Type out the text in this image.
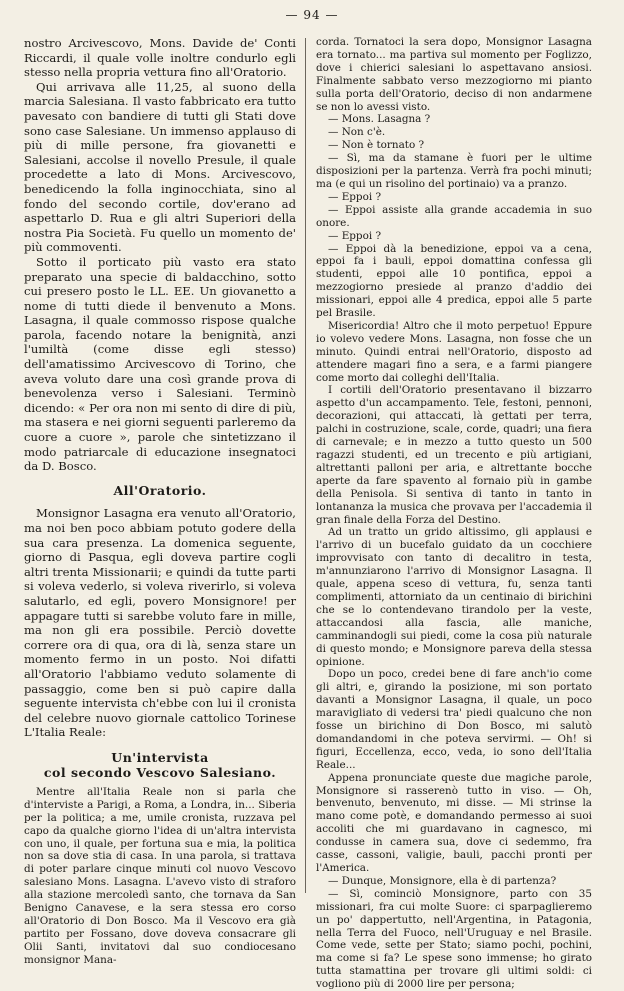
— 94 —

nostro Arcivescovo, Mons. Davide de' Conti Riccardi, il quale volle inoltre condurlo egli stesso nella propria vettura fino all'Oratorio.

Qui arrivava alle 11,25, al suono della marcia Salesiana. Il vasto fabbricato era tutto pavesato con bandiere di tutti gli Stati dove sono case Salesiane. Un immenso applauso di più di mille persone, fra giovanetti e Salesiani, accolse il novello Presule, il quale procedette a lato di Mons. Arcivescovo, benedicendo la folla inginocchiata, sino al fondo del secondo cortile, dov'erano ad aspettarlo D. Rua e gli altri Superiori della nostra Pia Società. Fu quello un momento de' più commoventi.

Sotto il porticato più vasto era stato preparato una specie di baldacchino, sotto cui presero posto le LL. EE. Un giovanetto a nome di tutti diede il benvenuto a Mons. Lasagna, il quale commosso rispose qualche parola, facendo notare la benignità, anzi l'umiltà (come disse egli stesso) dell'amatissimo Arcivescovo di Torino, che aveva voluto dare una così grande prova di benevolenza verso i Salesiani. Terminò dicendo: « Per ora non mi sento di dire di più, ma stasera e nei giorni seguenti parleremo da cuore a cuore », parole che sintetizzano il modo patriarcale di educazione insegnatoci da D. Bosco.

All'Oratorio.

Monsignor Lasagna era venuto all'Oratorio, ma noi ben poco abbiam potuto godere della sua cara presenza. La domenica seguente, giorno di Pasqua, egli doveva partire cogli altri trenta Missionarii; e quindi da tutte parti si voleva vederlo, si voleva riverirlo, si voleva salutarlo, ed egli, povero Monsignore! per appagare tutti si sarebbe voluto fare in mille, ma non gli era possibile. Perciò dovette correre ora di qua, ora di là, senza stare un momento fermo in un posto. Noi difatti all'Oratorio l'abbiamo veduto solamente di passaggio, come ben si può capire dalla seguente intervista ch'ebbe con lui il cronista del celebre nuovo giornale cattolico Torinese L'Italia Reale:

Un'intervista
col secondo Vescovo Salesiano.

Mentre all'Italia Reale non si parla che d'interviste a Parigi, a Roma, a Londra, in... Siberia per la politica; a me, umile cronista, ruzzava pel capo da qualche giorno l'idea di un'altra intervista con uno, il quale, per fortuna sua e mia, la politica non sa dove stia di casa. In una parola, si trattava di poter parlare cinque minuti col nuovo Vescovo salesiano Mons. Lasagna. L'avevo visto di straforo alla stazione mercoledì santo, che tornava da San Benigno Canavese, e la sera stessa ero corso all'Oratorio di Don Bosco. Ma il Vescovo era già partito per Fossano, dove doveva consacrare gli Olii Santi, invitatovi dal suo condiocesano monsignor Mana-

corda. Tornatoci la sera dopo, Monsignor Lasagna era tornato... ma partiva sul momento per Foglizzo, dove i chierici salesiani lo aspettavano ansiosi. Finalmente sabbato verso mezzogiorno mi pianto sulla porta dell'Oratorio, deciso di non andarmene se non lo avessi visto.

— Mons. Lasagna ?

— Non c'è.

— Non è tornato ?

— Sì, ma da stamane è fuori per le ultime disposizioni per la partenza. Verrà fra pochi minuti; ma (e qui un risolino del portinaio) va a pranzo.

— Eppoi ?

— Eppoi assiste alla grande accademia in suo onore.

— Eppoi ?

— Eppoi dà la benedizione, eppoi va a cena, eppoi fa i bauli, eppoi domattina confessa gli studenti, eppoi alle 10 pontifica, eppoi a mezzogiorno presiede al pranzo d'addio dei missionari, eppoi alle 4 predica, eppoi alle 5 parte pel Brasile.

Misericordia! Altro che il moto perpetuo! Eppure io volevo vedere Mons. Lasagna, non fosse che un minuto. Quindi entrai nell'Oratorio, disposto ad attendere magari fino a sera, e a farmi piangere come morto dai colleghi dell'Italia.

I cortili dell'Oratorio presentavano il bizzarro aspetto d'un accampamento. Tele, festoni, pennoni, decorazioni, qui attaccati, là gettati per terra, palchi in costruzione, scale, corde, quadri; una fiera di carnevale; e in mezzo a tutto questo un 500 ragazzi studenti, ed un trecento e più artigiani, altrettanti palloni per aria, e altrettante bocche aperte da fare spavento al fornaio più in gambe della Penisola. Si sentiva di tanto in tanto in lontananza la musica che provava per l'accademia il gran finale della Forza del Destino.

Ad un tratto un grido altissimo, gli applausi e l'arrivo di un bucefalo guidato da un cocchiere improvvisato con tanto di decalitro in testa, m'annunziarono l'arrivo di Monsignor Lasagna. Il quale, appena sceso di vettura, fu, senza tanti complimenti, attorniato da un centinaio di birichini che se lo contendevano tirandolo per la veste, attaccandosi alla fascia, alle maniche, camminandogli sui piedi, come la cosa più naturale di questo mondo; e Monsignore pareva della stessa opinione.

Dopo un poco, credei bene di fare anch'io come gli altri, e, girando la posizione, mi son portato davanti a Monsignor Lasagna, il quale, un poco maravigliato di vedersi tra' piedi qualcuno che non fosse un birichino di Don Bosco, mi salutò domandandomi in che poteva servirmi. — Oh! si figuri, Eccellenza, ecco, veda, io sono dell'Italia Reale...

Appena pronunciate queste due magiche parole, Monsignore si rasserenò tutto in viso. — Oh, benvenuto, benvenuto, mi disse. — Mi strinse la mano come potè, e domandando permesso ai suoi accoliti che mi guardavano in cagnesco, mi condusse in camera sua, dove ci sedemmo, fra casse, cassoni, valigie, bauli, pacchi pronti per l'America.

— Dunque, Monsignore, ella è di partenza?

— Sì, cominciò Monsignore, parto con 35 missionari, fra cui molte Suore: ci sparpaglieremo un po' dappertutto, nell'Argentina, in Patagonia, nella Terra del Fuoco, nell'Uruguay e nel Brasile. Come vede, sette per Stato; siamo pochi, pochini, ma come si fa? Le spese sono immense; ho girato tutta stamattina per trovare gli ultimi soldi: ci vogliono più di 2000 lire per persona;
